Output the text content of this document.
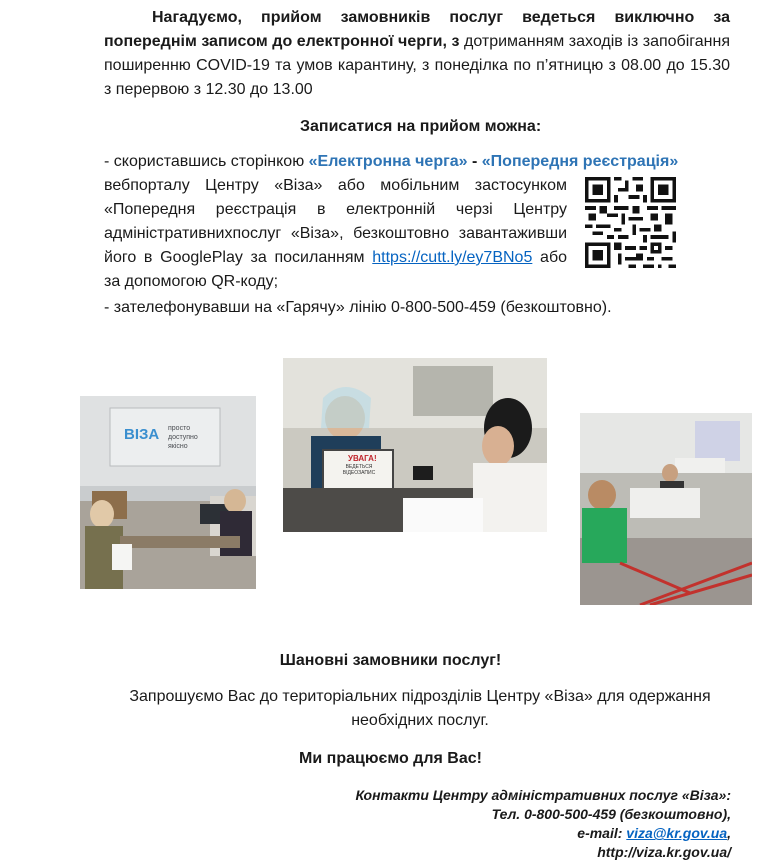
Нагадуємо, прийом замовників послуг ведеться виключно за попереднім записом до електронної черги, з дотриманням заходів із запобігання поширенню COVID-19 та умов карантину, з понеділка по п’ятницю з 08.00 до 15.30 з перервою з 12.30 до 13.00

Записатися на прийом можна:

- скориставшись сторінкою «Електронна черга» - «Попередня реєстрація»

вебпорталу Центру «Віза» або мобільним застосунком «Попередня реєстрація в електронній черзі Центру адміністративнихпослуг «Віза», безкоштовно завантаживши його в GooglePlay за посиланням https://cutt.ly/ey7BNo5 або за допомогою QR-коду;

- зателефонувавши на «Гарячу» лінію 0-800-500-459 (безкоштовно).

ВІЗА просто доступно якісно
УВАГА!
ВЕДЕТЬСЯ ВІДЕОЗАПИС

Шановні замовники послуг!

Запрошуємо Вас до територіальних підрозділів Центру «Віза» для одержання необхідних послуг.

Ми працюємо для Вас!

Контакти Центру адміністративних послуг «Віза»:
Тел. 0-800-500-459 (безкоштовно),
e-mail: viza@kr.gov.ua,
http://viza.kr.gov.ua/
